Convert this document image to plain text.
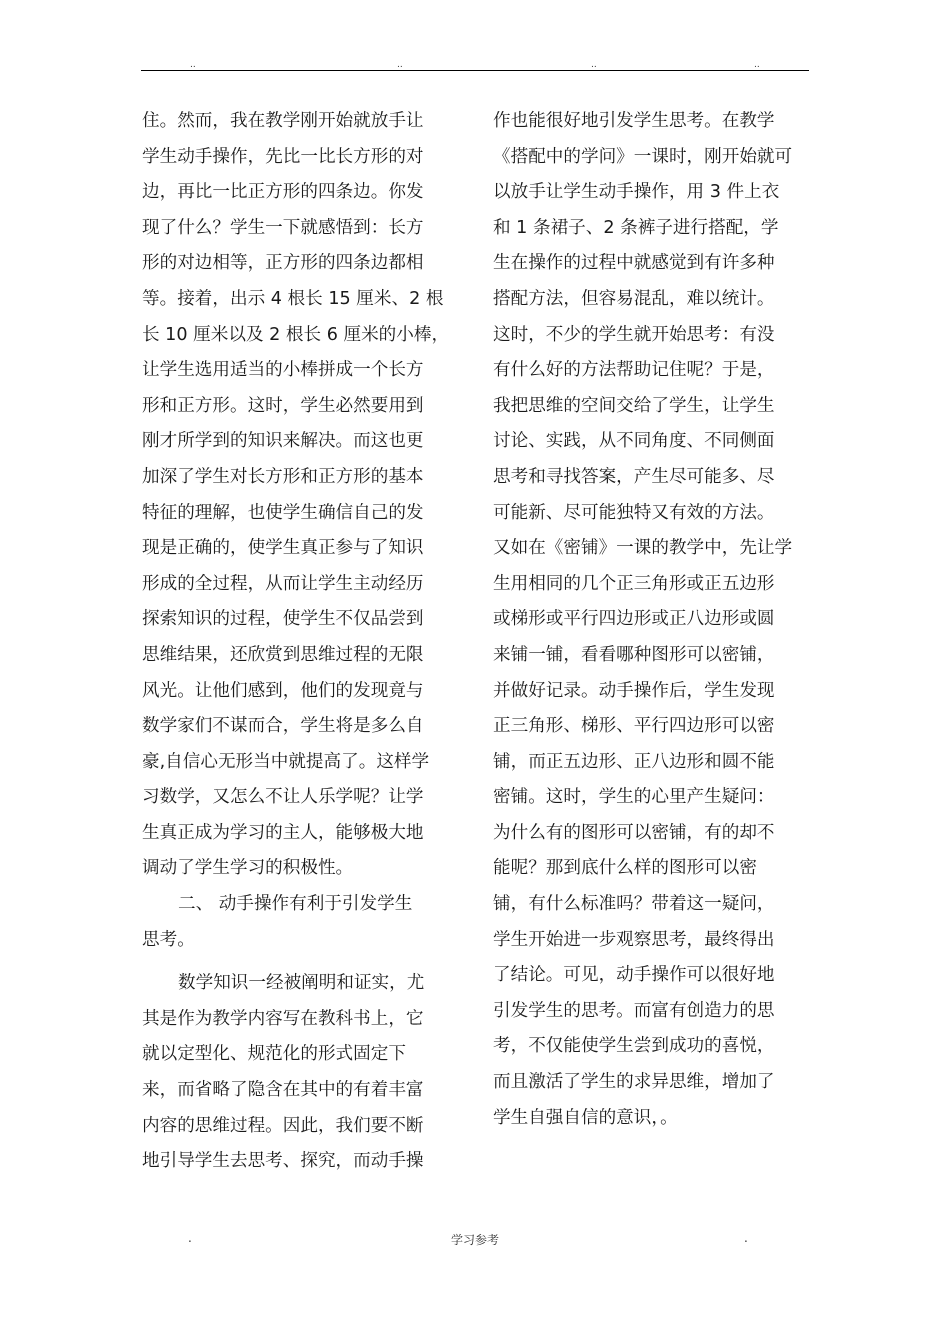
..	..	..	..
住。然而，我在教学刚开始就放手让
学生动手操作，先比一比长方形的对
边，再比一比正方形的四条边。你发
现了什么？学生一下就感悟到：长方
形的对边相等，正方形的四条边都相
等。接着，出示 4 根长 15 厘米、2 根
长 10 厘米以及 2 根长 6 厘米的小棒，
让学生选用适当的小棒拼成一个长方
形和正方形。这时，学生必然要用到
刚才所学到的知识来解决。而这也更
加深了学生对长方形和正方形的基本
特征的理解，也使学生确信自己的发
现是正确的，使学生真正参与了知识
形成的全过程，从而让学生主动经历
探索知识的过程，使学生不仅品尝到
思维结果，还欣赏到思维过程的无限
风光。让他们感到，他们的发现竟与
数学家们不谋而合，学生将是多么自
豪,自信心无形当中就提高了。这样学
习数学，又怎么不让人乐学呢？让学
生真正成为学习的主人，能够极大地
调动了学生学习的积极性。
二、 动手操作有利于引发学生
思考。
数学知识一经被阐明和证实，尤
其是作为教学内容写在教科书上，它
就以定型化、规范化的形式固定下
来，而省略了隐含在其中的有着丰富
内容的思维过程。因此，我们要不断
地引导学生去思考、探究，而动手操
作也能很好地引发学生思考。在教学
《搭配中的学问》一课时，刚开始就可
以放手让学生动手操作，用 3 件上衣
和 1 条裙子、2 条裤子进行搭配，学
生在操作的过程中就感觉到有许多种
搭配方法，但容易混乱，难以统计。
这时，不少的学生就开始思考：有没
有什么好的方法帮助记住呢？于是，
我把思维的空间交给了学生，让学生
讨论、实践，从不同角度、不同侧面
思考和寻找答案，产生尽可能多、尽
可能新、尽可能独特又有效的方法。
又如在《密铺》一课的教学中，先让学
生用相同的几个正三角形或正五边形
或梯形或平行四边形或正八边形或圆
来铺一铺，看看哪种图形可以密铺，
并做好记录。动手操作后，学生发现
正三角形、梯形、平行四边形可以密
铺，而正五边形、正八边形和圆不能
密铺。这时，学生的心里产生疑问：
为什么有的图形可以密铺，有的却不
能呢？那到底什么样的图形可以密
铺，有什么标准吗？带着这一疑问，
学生开始进一步观察思考，最终得出
了结论。可见，动手操作可以很好地
引发学生的思考。而富有创造力的思
考，不仅能使学生尝到成功的喜悦，
而且激活了学生的求异思维，增加了
学生自强自信的意识，。
.	学习参考	.
